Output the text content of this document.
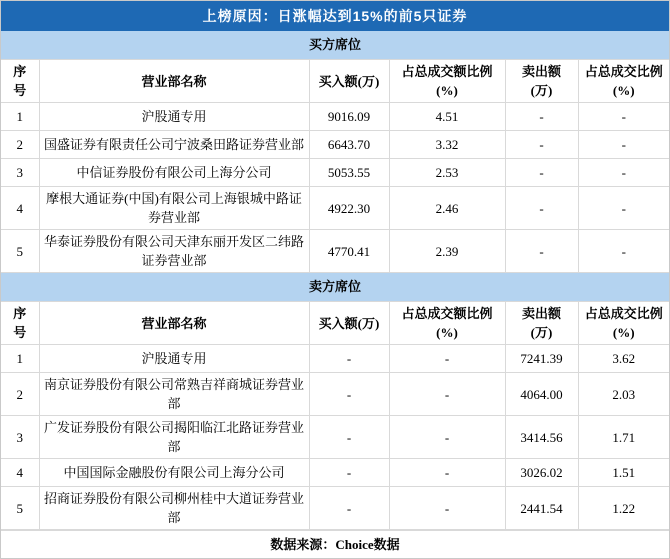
上榜原因：日涨幅达到15%的前5只证券
买方席位
序号	营业部名称	买入额(万)	占总成交额比例(%)	卖出额(万)	占总成交比例(%)
1	沪股通专用	9016.09	4.51	-	-
2	国盛证券有限责任公司宁波桑田路证券营业部	6643.70	3.32	-	-
3	中信证券股份有限公司上海分公司	5053.55	2.53	-	-
4	摩根大通证券(中国)有限公司上海银城中路证券营业部	4922.30	2.46	-	-
5	华泰证券股份有限公司天津东丽开发区二纬路证券营业部	4770.41	2.39	-	-
卖方席位
序号	营业部名称	买入额(万)	占总成交额比例(%)	卖出额(万)	占总成交比例(%)
1	沪股通专用	-	-	7241.39	3.62
2	南京证券股份有限公司常熟吉祥商城证券营业部	-	-	4064.00	2.03
3	广发证券股份有限公司揭阳临江北路证券营业部	-	-	3414.56	1.71
4	中国国际金融股份有限公司上海分公司	-	-	3026.02	1.51
5	招商证券股份有限公司柳州桂中大道证券营业部	-	-	2441.54	1.22
数据来源：Choice数据
